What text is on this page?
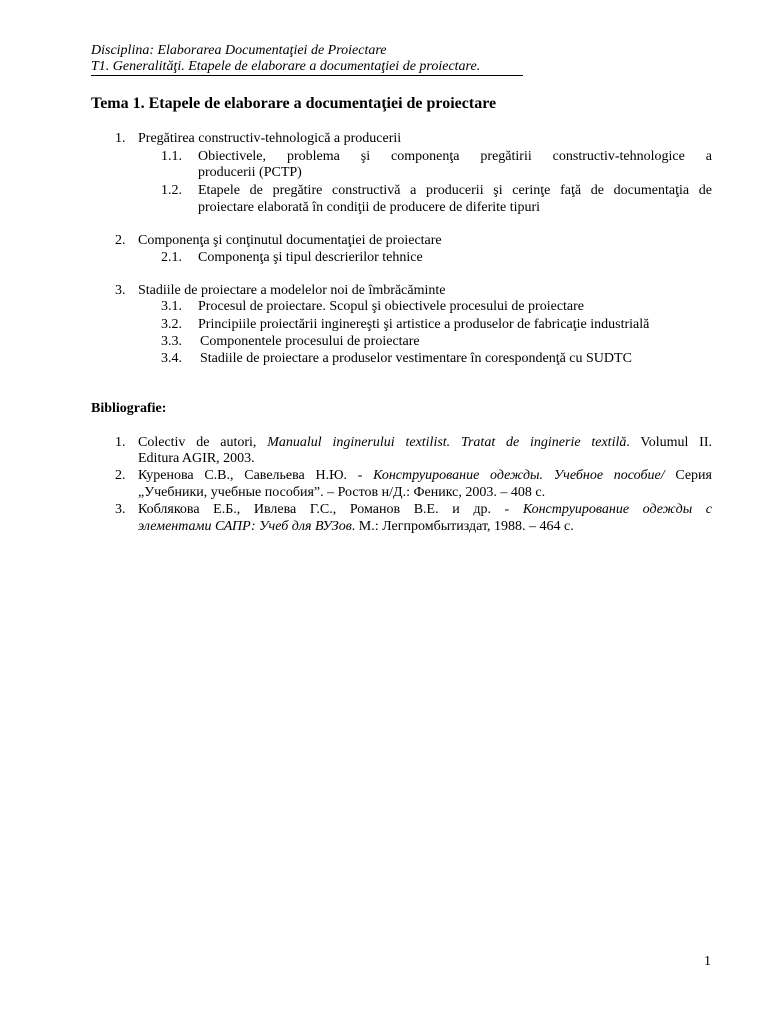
Disciplina: Elaborarea Documentaţiei de Proiectare
T1. Generalităţi. Etapele de elaborare a documentaţiei de proiectare.
Tema 1. Etapele de elaborare a documentaţiei de proiectare
1. Pregătirea constructiv-tehnologică a producerii
1.1. Obiectivele, problema şi componenţa pregătirii constructiv-tehnologice a
producerii (PCTP)
1.2. Etapele de pregătire constructivă a producerii şi cerinţe faţă de documentaţia de
proiectare elaborată în condiţii de producere de diferite tipuri
2. Componenţa şi conţinutul documentaţiei de proiectare
2.1. Componenţa şi tipul descrierilor tehnice
3. Stadiile de proiectare a modelelor noi de îmbrăcăminte
3.1. Procesul de proiectare. Scopul şi obiectivele procesului de proiectare
3.2. Principiile proiectării inginereşti şi artistice a produselor de fabricaţie industrială
3.3. Componentele procesului de proiectare
3.4. Stadiile de proiectare a produselor vestimentare în corespondenţă cu SUDTC
Bibliografie:
1. Colectiv de autori, Manualul inginerului textilist. Tratat de inginerie textilă. Volumul II.
Editura AGIR, 2003.
2. Куренова С.В., Савельева Н.Ю. - Конструирование одежды. Учебное пособие/ Серия
„Учебники, учебные пособия”. – Ростов н/Д.: Феникс, 2003. – 408 с.
3. Коблякова Е.Б., Ивлева Г.С., Романов В.Е. и др. - Конструирование одежды с
элементами САПР: Учеб для ВУЗов. М.: Легпромбытиздат, 1988. – 464 с.
1
